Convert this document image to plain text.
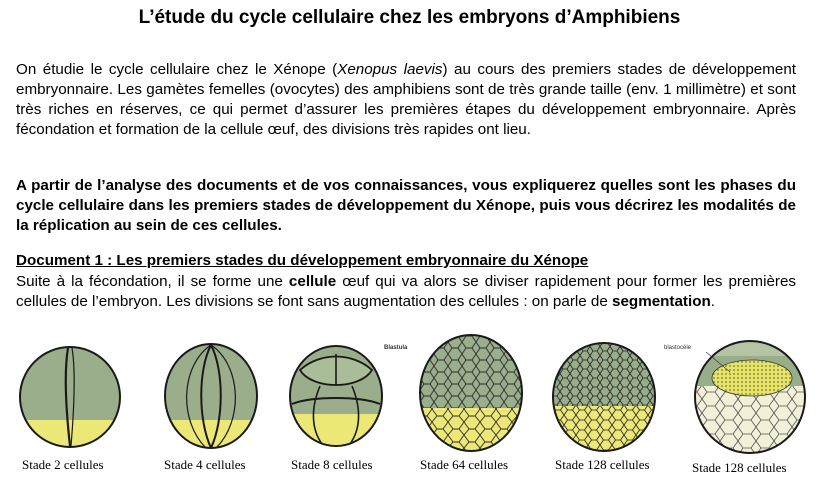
L’étude du cycle cellulaire chez les embryons d’Amphibiens
On étudie le cycle cellulaire chez le Xénope (Xenopus laevis) au cours des premiers stades de développement embryonnaire. Les gamètes femelles (ovocytes) des amphibiens sont de très grande taille (env. 1 millimètre) et sont très riches en réserves, ce qui permet d’assurer les premières étapes du développement embryonnaire. Après fécondation et formation de la cellule œuf, des divisions très rapides ont lieu.
A partir de l’analyse des documents et de vos connaissances, vous expliquerez quelles sont les phases du cycle cellulaire dans les premiers stades de développement du Xénope, puis vous décrirez les modalités de la réplication au sein de ces cellules.
Document 1 : Les premiers stades du développement embryonnaire du Xénope
Suite à la fécondation, il se forme une cellule œuf qui va alors se diviser rapidement pour former les premières cellules de l’embryon. Les divisions se font sans augmentation des cellules : on parle de segmentation.
Blastula	blastocèle
Stade 2 cellules	Stade 4 cellules	Stade 8 cellules	Stade 64 cellules	Stade 128 cellules	Stade 128 cellules
